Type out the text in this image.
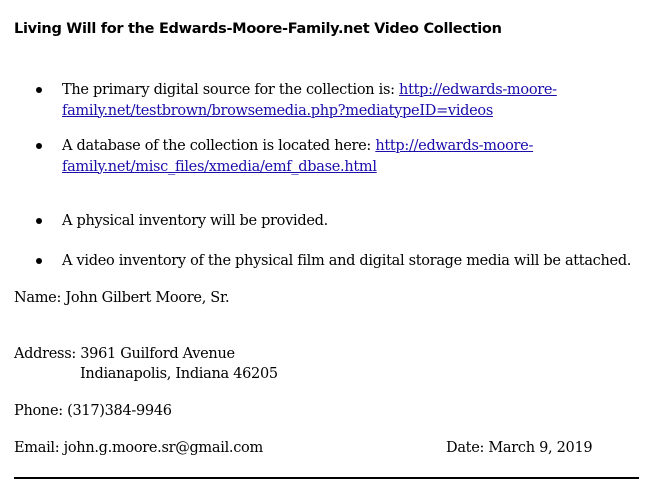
Living Will for the Edwards-Moore-Family.net Video Collection
The primary digital source for the collection is: http://edwards-moore-
family.net/testbrown/browsemedia.php?mediatypeID=videos
A database of the collection is located here: http://edwards-moore-
family.net/misc_files/xmedia/emf_dbase.html
A physical inventory will be provided.
A video inventory of the physical film and digital storage media will be attached.
Name: John Gilbert Moore, Sr.
Address: 3961 Guilford Avenue
Indianapolis, Indiana 46205
Phone: (317)384-9946
Email: john.g.moore.sr@gmail.com	Date: March 9, 2019
